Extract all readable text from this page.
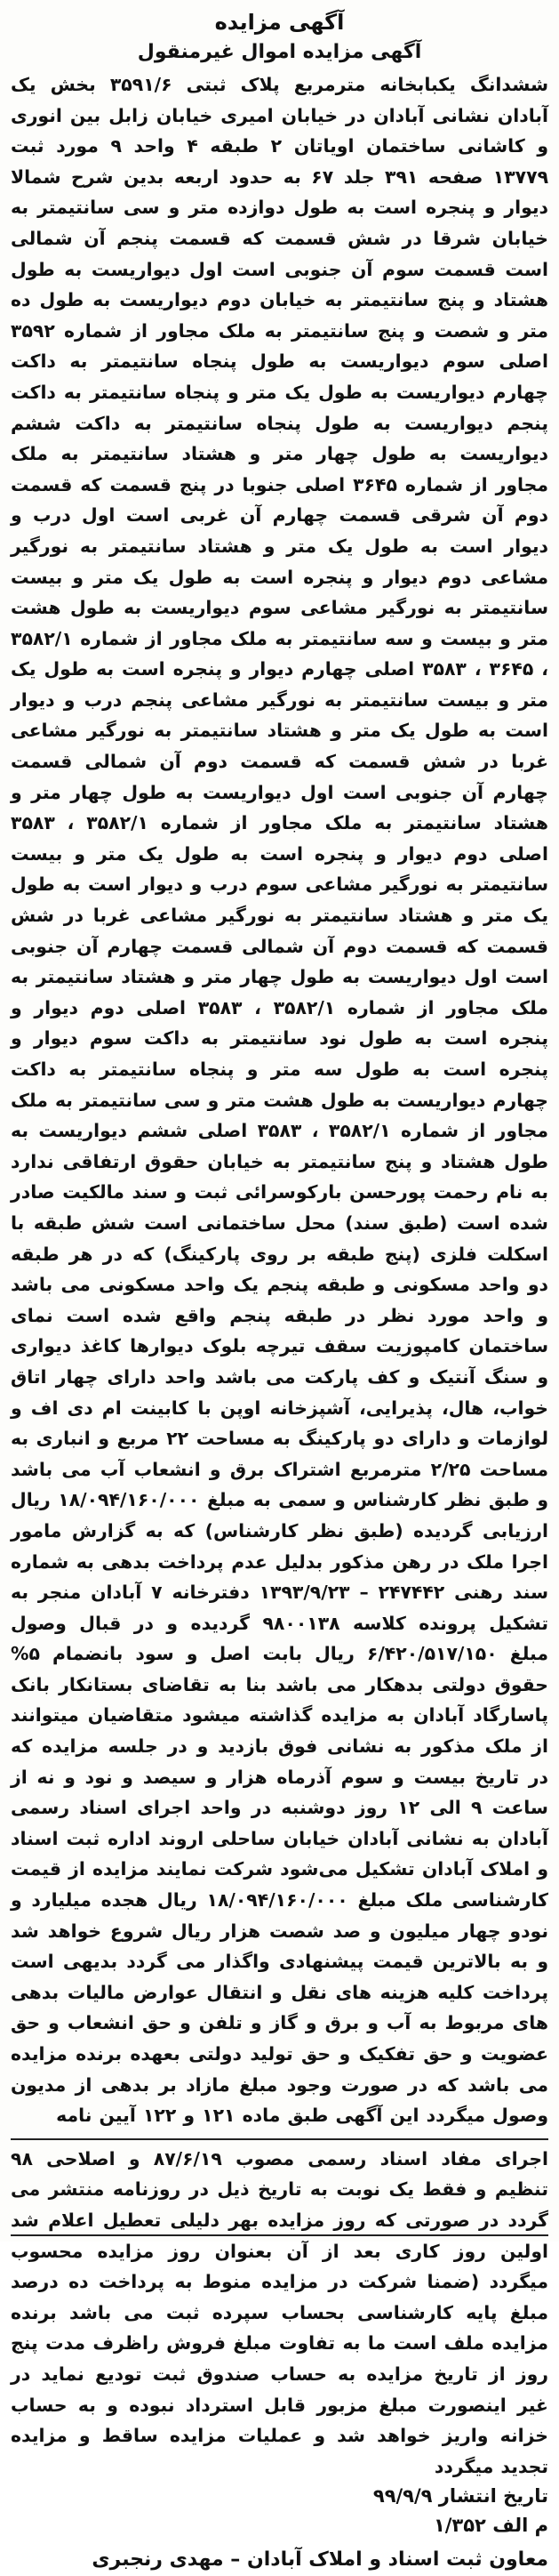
آگهی مزایده
آگهی مزایده اموال غیرمنقول

ششدانگ یکبابخانه مترمربع پلاک ثبتی ۳۵۹۱/۶ بخش یک آبادان نشانی آبادان در خیابان امیری خیابان زابل بین انوری و کاشانی ساختمان اویاتان ۲ طبقه ۴ واحد ۹ مورد ثبت ۱۳۷۷۹ صفحه ۳۹۱ جلد ۶۷ به حدود اربعه بدین شرح شمالا دیوار و پنجره است به طول دوازده متر و سی سانتیمتر به خیابان شرقا در شش قسمت که قسمت پنجم آن شمالی است قسمت سوم آن جنوبی است اول دیواریست به طول هشتاد و پنج سانتیمتر به خیابان دوم دیواریست به طول ده متر و شصت و پنج سانتیمتر به ملک مجاور از شماره ۳۵۹۲ اصلی سوم دیواریست به طول پنجاه سانتیمتر به داکت چهارم دیواریست به طول یک متر و پنجاه سانتیمتر به داکت پنجم دیواریست به طول پنجاه سانتیمتر به داکت ششم دیواریست به طول چهار متر و هشتاد سانتیمتر به ملک مجاور از شماره ۳۶۴۵ اصلی جنوبا در پنج قسمت که قسمت دوم آن شرقی قسمت چهارم آن غربی است اول درب و دیوار است به طول یک متر و هشتاد سانتیمتر به نورگیر مشاعی دوم دیوار و پنجره است به طول یک متر و بیست سانتیمتر به نورگیر مشاعی سوم دیواریست به طول هشت متر و بیست و سه سانتیمتر به ملک مجاور از شماره ۳۵۸۲/۱ ، ۳۶۴۵ ، ۳۵۸۳ اصلی چهارم دیوار و پنجره است به طول یک متر و بیست سانتیمتر به نورگیر مشاعی پنجم درب و دیوار است به طول یک متر و هشتاد سانتیمتر به نورگیر مشاعی غربا در شش قسمت که قسمت دوم آن شمالی قسمت چهارم آن جنوبی است اول دیواریست به طول چهار متر و هشتاد سانتیمتر به ملک مجاور از شماره ۳۵۸۲/۱ ، ۳۵۸۳ اصلی دوم دیوار و پنجره است به طول یک متر و بیست سانتیمتر به نورگیر مشاعی سوم درب و دیوار است به طول یک متر و هشتاد سانتیمتر به نورگیر مشاعی غربا در شش قسمت که قسمت دوم آن شمالی قسمت چهارم آن جنوبی است اول دیواریست به طول چهار متر و هشتاد سانتیمتر به ملک مجاور از شماره ۳۵۸۲/۱ ، ۳۵۸۳ اصلی دوم دیوار و پنجره است به طول نود سانتیمتر به داکت سوم دیوار و پنجره است به طول سه متر و پنجاه سانتیمتر به داکت چهارم دیواریست به طول هشت متر و سی سانتیمتر به ملک مجاور از شماره ۳۵۸۲/۱ ، ۳۵۸۳ اصلی ششم دیواریست به طول هشتاد و پنج سانتیمتر به خیابان حقوق ارتفاقی ندارد به نام رحمت پورحسن بارکوسرائی ثبت و سند مالکیت صادر شده است (طبق سند) محل ساختمانی است شش طبقه با اسکلت فلزی (پنج طبقه بر روی پارکینگ) که در هر طبقه دو واحد مسکونی و طبقه پنجم یک واحد مسکونی می باشد و واحد مورد نظر در طبقه پنجم واقع شده است نمای ساختمان کامپوزیت سقف تیرچه بلوک دیوارها کاغذ دیواری و سنگ آنتیک و کف پارکت می باشد واحد دارای چهار اتاق خواب، هال، پذیرایی، آشپزخانه اوپن با کابینت ام دی اف و لوازمات و دارای دو پارکینگ به مساحت ۲۲ مربع و انباری به مساحت ۲/۲۵ مترمربع اشتراک برق و انشعاب آب می باشد و طبق نظر کارشناس و سمی به مبلغ ۱۸/۰۹۴/۱۶۰/۰۰۰ ریال ارزیابی گردیده (طبق نظر کارشناس) که به گزارش مامور اجرا ملک در رهن مذکور بدلیل عدم پرداخت بدهی به شماره سند رهنی ۲۴۷۴۴۲ – ۱۳۹۳/۹/۲۳ دفترخانه ۷ آبادان منجر به تشکیل پرونده کلاسه ۹۸۰۰۱۳۸ گردیده و در قبال وصول مبلغ ۶/۴۲۰/۵۱۷/۱۵۰ ریال بابت اصل و سود بانضمام ۵% حقوق دولتی بدهکار می باشد بنا به تقاضای بستانکار بانک پاسارگاد آبادان به مزایده گذاشته میشود متقاضیان میتوانند از ملک مذکور به نشانی فوق بازدید و در جلسه مزایده که در تاریخ بیست و سوم آذرماه هزار و سیصد و نود و نه از ساعت ۹ الی ۱۲ روز دوشنبه در واحد اجرای اسناد رسمی آبادان به نشانی آبادان خیابان ساحلی اروند اداره ثبت اسناد و املاک آبادان تشکیل می‌شود شرکت نمایند مزایده از قیمت کارشناسی ملک مبلغ ۱۸/۰۹۴/۱۶۰/۰۰۰ ریال هجده میلیارد و نودو چهار میلیون و صد شصت هزار ریال شروع خواهد شد و به بالاترین قیمت پیشنهادی واگذار می گردد بدیهی است پرداخت کلیه هزینه های نقل و انتقال عوارض مالیات بدهی های مربوط به آب و برق و گاز و تلفن و حق انشعاب و حق عضویت و حق تفکیک و حق تولید دولتی بعهده برنده مزایده می باشد که در صورت وجود مبلغ مازاد بر بدهی از مدیون وصول میگردد این آگهی طبق ماده ۱۲۱ و ۱۲۲ آیین نامه

اجرای مفاد اسناد رسمی مصوب ۸۷/۶/۱۹ و اصلاحی ۹۸ تنظیم و فقط یک نوبت به تاریخ ذیل در روزنامه منتشر می گردد در صورتی که روز مزایده بهر دلیلی تعطیل اعلام شد اولین روز کاری بعد از آن بعنوان روز مزایده محسوب میگردد (ضمنا شرکت در مزایده منوط به پرداخت ده درصد مبلغ پایه کارشناسی بحساب سپرده ثبت می باشد برنده مزایده ملف است ما به تفاوت مبلغ فروش راظرف مدت پنج روز از تاریخ مزایده به حساب صندوق ثبت تودیع نماید در غیر اینصورت مبلغ مزبور قابل استرداد نبوده و به حساب خزانه واریز خواهد شد و عملیات مزایده ساقط و مزایده تجدید میگردد

تاریخ انتشار ۹۹/۹/۹

م الف ۱/۳۵۲

معاون ثبت اسناد و املاک آبادان – مهدی رنجبری
